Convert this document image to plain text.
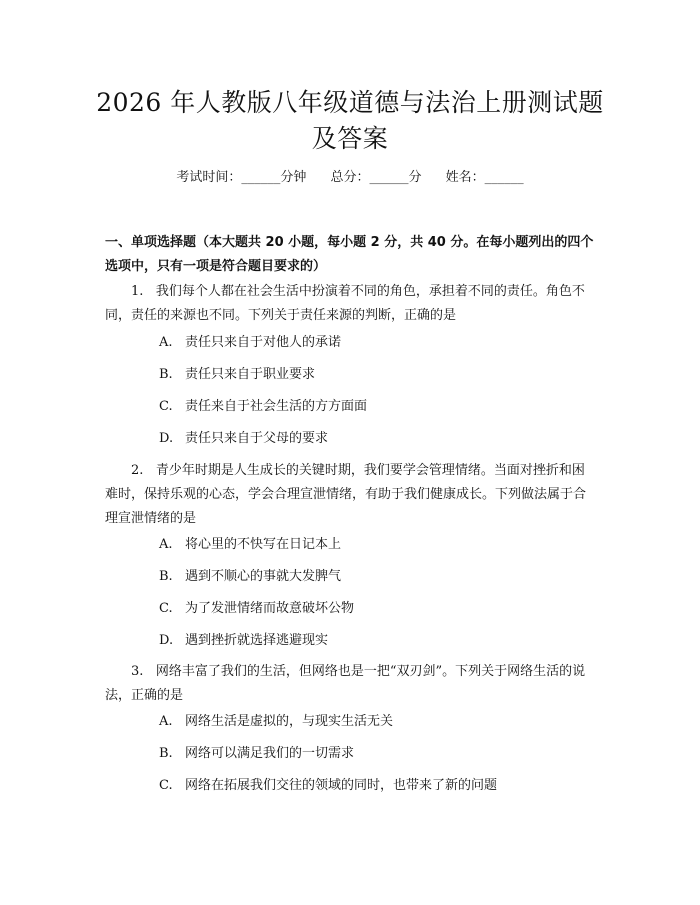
2026 年人教版八年级道德与法治上册测试题
及答案
考试时间：______分钟 总分：______分 姓名：______
一、单项选择题（本大题共 20 小题，每小题 2 分，共 40 分。在每小题列出的四个选项中，只有一项是符合题目要求的）
1. 我们每个人都在社会生活中扮演着不同的角色，承担着不同的责任。角色不同，责任的来源也不同。下列关于责任来源的判断，正确的是
A. 责任只来自于对他人的承诺
B. 责任只来自于职业要求
C. 责任来自于社会生活的方方面面
D. 责任只来自于父母的要求
2. 青少年时期是人生成长的关键时期，我们要学会管理情绪。当面对挫折和困难时，保持乐观的心态，学会合理宣泄情绪，有助于我们健康成长。下列做法属于合理宣泄情绪的是
A. 将心里的不快写在日记本上
B. 遇到不顺心的事就大发脾气
C. 为了发泄情绪而故意破坏公物
D. 遇到挫折就选择逃避现实
3. 网络丰富了我们的生活，但网络也是一把“双刃剑”。下列关于网络生活的说法，正确的是
A. 网络生活是虚拟的，与现实生活无关
B. 网络可以满足我们的一切需求
C. 网络在拓展我们交往的领域的同时，也带来了新的问题
